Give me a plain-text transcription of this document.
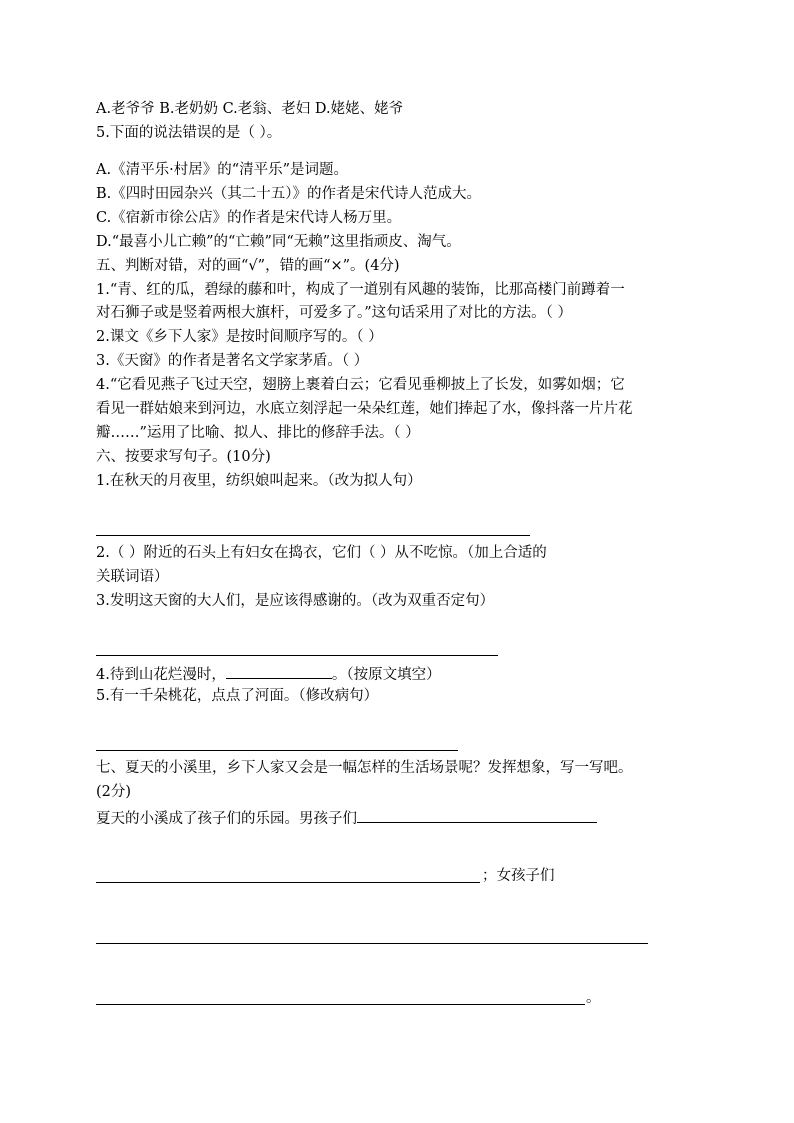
A.老爷爷 B.老奶奶 C.老翁、老妇 D.姥姥、姥爷

5.下面的说法错误的是（ ）。

A.《清平乐·村居》的“清平乐”是词题。

B.《四时田园杂兴（其二十五）》的作者是宋代诗人范成大。

C.《宿新市徐公店》的作者是宋代诗人杨万里。

D.“最喜小儿亡赖”的“亡赖”同“无赖”这里指顽皮、淘气。

五、判断对错，对的画“√”，错的画“×”。(4分)

1.“青、红的瓜，碧绿的藤和叶，构成了一道别有风趣的装饰，比那高楼门前蹲着一

对石狮子或是竖着两根大旗杆，可爱多了。”这句话采用了对比的方法。（ ）

2.课文《乡下人家》是按时间顺序写的。（ ）

3.《天窗》的作者是著名文学家茅盾。（ ）

4.“它看见燕子飞过天空，翅膀上裹着白云；它看见垂柳披上了长发，如雾如烟；它

看见一群姑娘来到河边，水底立刻浮起一朵朵红莲，她们捧起了水，像抖落一片片花

瓣……”运用了比喻、拟人、排比的修辞手法。（ ）

六、按要求写句子。(10分)

1.在秋天的月夜里，纺织娘叫起来。（改为拟人句）

2.（ ）附近的石头上有妇女在捣衣，它们（ ）从不吃惊。（加上合适的

关联词语）

3.发明这天窗的大人们，是应该得感谢的。（改为双重否定句）

4.待到山花烂漫时，	。（按原文填空）

5.有一千朵桃花，点点了河面。（修改病句）

七、夏天的小溪里，乡下人家又会是一幅怎样的生活场景呢？发挥想象，写一写吧。

(2分)

夏天的小溪成了孩子们的乐园。男孩子们

；女孩子们

。
